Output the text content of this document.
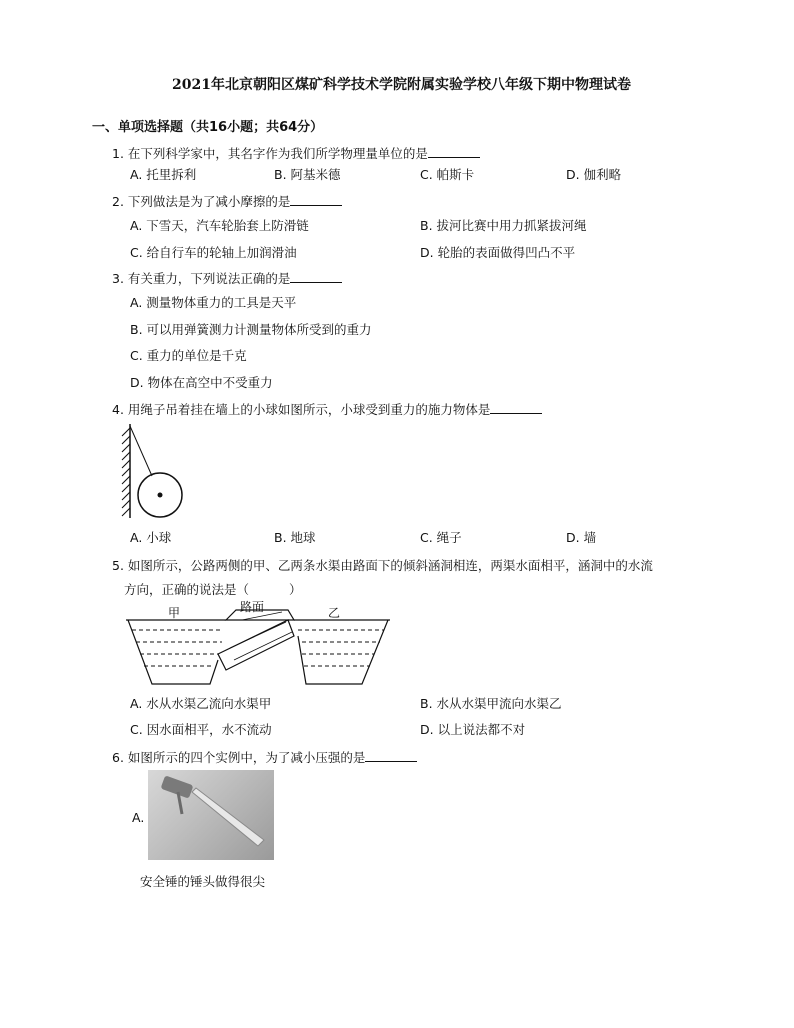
2021年北京朝阳区煤矿科学技术学院附属实验学校八年级下期中物理试卷
一、单项选择题（共16小题；共64分）
1. 在下列科学家中，其名字作为我们所学物理量单位的是
A. 托里拆利	B. 阿基米德	C. 帕斯卡	D. 伽利略
2. 下列做法是为了减小摩擦的是
A. 下雪天，汽车轮胎套上防滑链	B. 拔河比赛中用力抓紧拔河绳
C. 给自行车的轮轴上加润滑油	D. 轮胎的表面做得凹凸不平
3. 有关重力，下列说法正确的是
A. 测量物体重力的工具是天平
B. 可以用弹簧测力计测量物体所受到的重力
C. 重力的单位是千克
D. 物体在高空中不受重力
4. 用绳子吊着挂在墙上的小球如图所示，小球受到重力的施力物体是
A. 小球	B. 地球	C. 绳子	D. 墙
5. 如图所示，公路两侧的甲、乙两条水渠由路面下的倾斜涵洞相连，两渠水面相平，涵洞中的水流
方向，正确的说法是（	）
甲	路面	乙
A. 水从水渠乙流向水渠甲	B. 水从水渠甲流向水渠乙
C. 因水面相平，水不流动	D. 以上说法都不对
6. 如图所示的四个实例中，为了减小压强的是
A.
安全锤的锤头做得很尖
